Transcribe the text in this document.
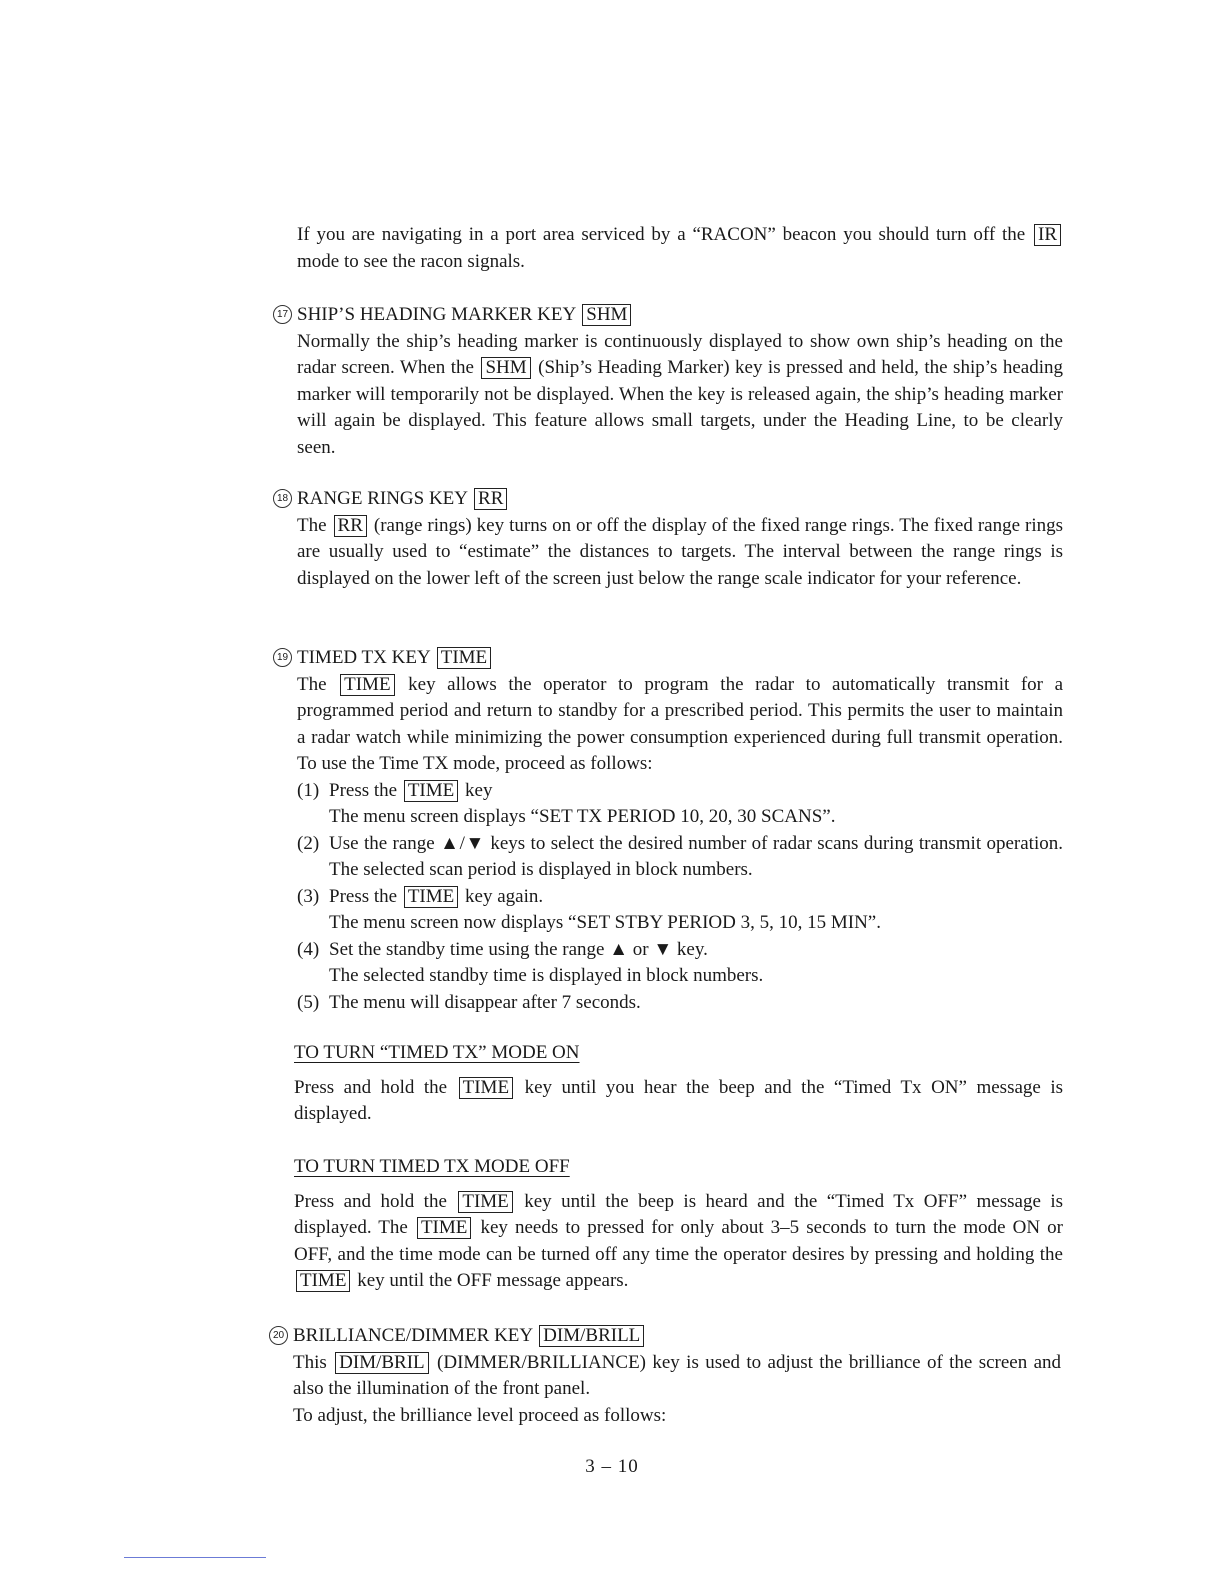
If you are navigating in a port area serviced by a “RACON” beacon you should turn off the IR mode to see the racon signals.

17 SHIP’S HEADING MARKER KEY SHM

Normally the ship’s heading marker is continuously displayed to show own ship’s heading on the radar screen. When the SHM (Ship’s Heading Marker) key is pressed and held, the ship’s heading marker will temporarily not be displayed. When the key is released again, the ship’s heading marker will again be displayed. This feature allows small targets, under the Heading Line, to be clearly seen.

18 RANGE RINGS KEY RR

The RR (range rings) key turns on or off the display of the fixed range rings. The fixed range rings are usually used to “estimate” the distances to targets. The interval between the range rings is displayed on the lower left of the screen just below the range scale indicator for your reference.

19 TIMED TX KEY TIME

The TIME key allows the operator to program the radar to automatically transmit for a programmed period and return to standby for a prescribed period. This permits the user to maintain a radar watch while minimizing the power consumption experienced during full transmit operation. To use the Time TX mode, proceed as follows:

(1) Press the TIME key
The menu screen displays “SET TX PERIOD 10, 20, 30 SCANS”.
(2) Use the range ▲/▼ keys to select the desired number of radar scans during transmit operation. The selected scan period is displayed in block numbers.
(3) Press the TIME key again.
The menu screen now displays “SET STBY PERIOD 3, 5, 10, 15 MIN”.
(4) Set the standby time using the range ▲ or ▼ key.
The selected standby time is displayed in block numbers.
(5) The menu will disappear after 7 seconds.

TO TURN “TIMED TX” MODE ON

Press and hold the TIME key until you hear the beep and the “Timed Tx ON” message is displayed.

TO TURN TIMED TX MODE OFF

Press and hold the TIME key until the beep is heard and the “Timed Tx OFF” message is displayed. The TIME key needs to pressed for only about 3–5 seconds to turn the mode ON or OFF, and the time mode can be turned off any time the operator desires by pressing and holding the TIME key until the OFF message appears.

20 BRILLIANCE/DIMMER KEY DIM/BRILL

This DIM/BRIL (DIMMER/BRILLIANCE) key is used to adjust the brilliance of the screen and also the illumination of the front panel.

To adjust, the brilliance level proceed as follows:

3 – 10
